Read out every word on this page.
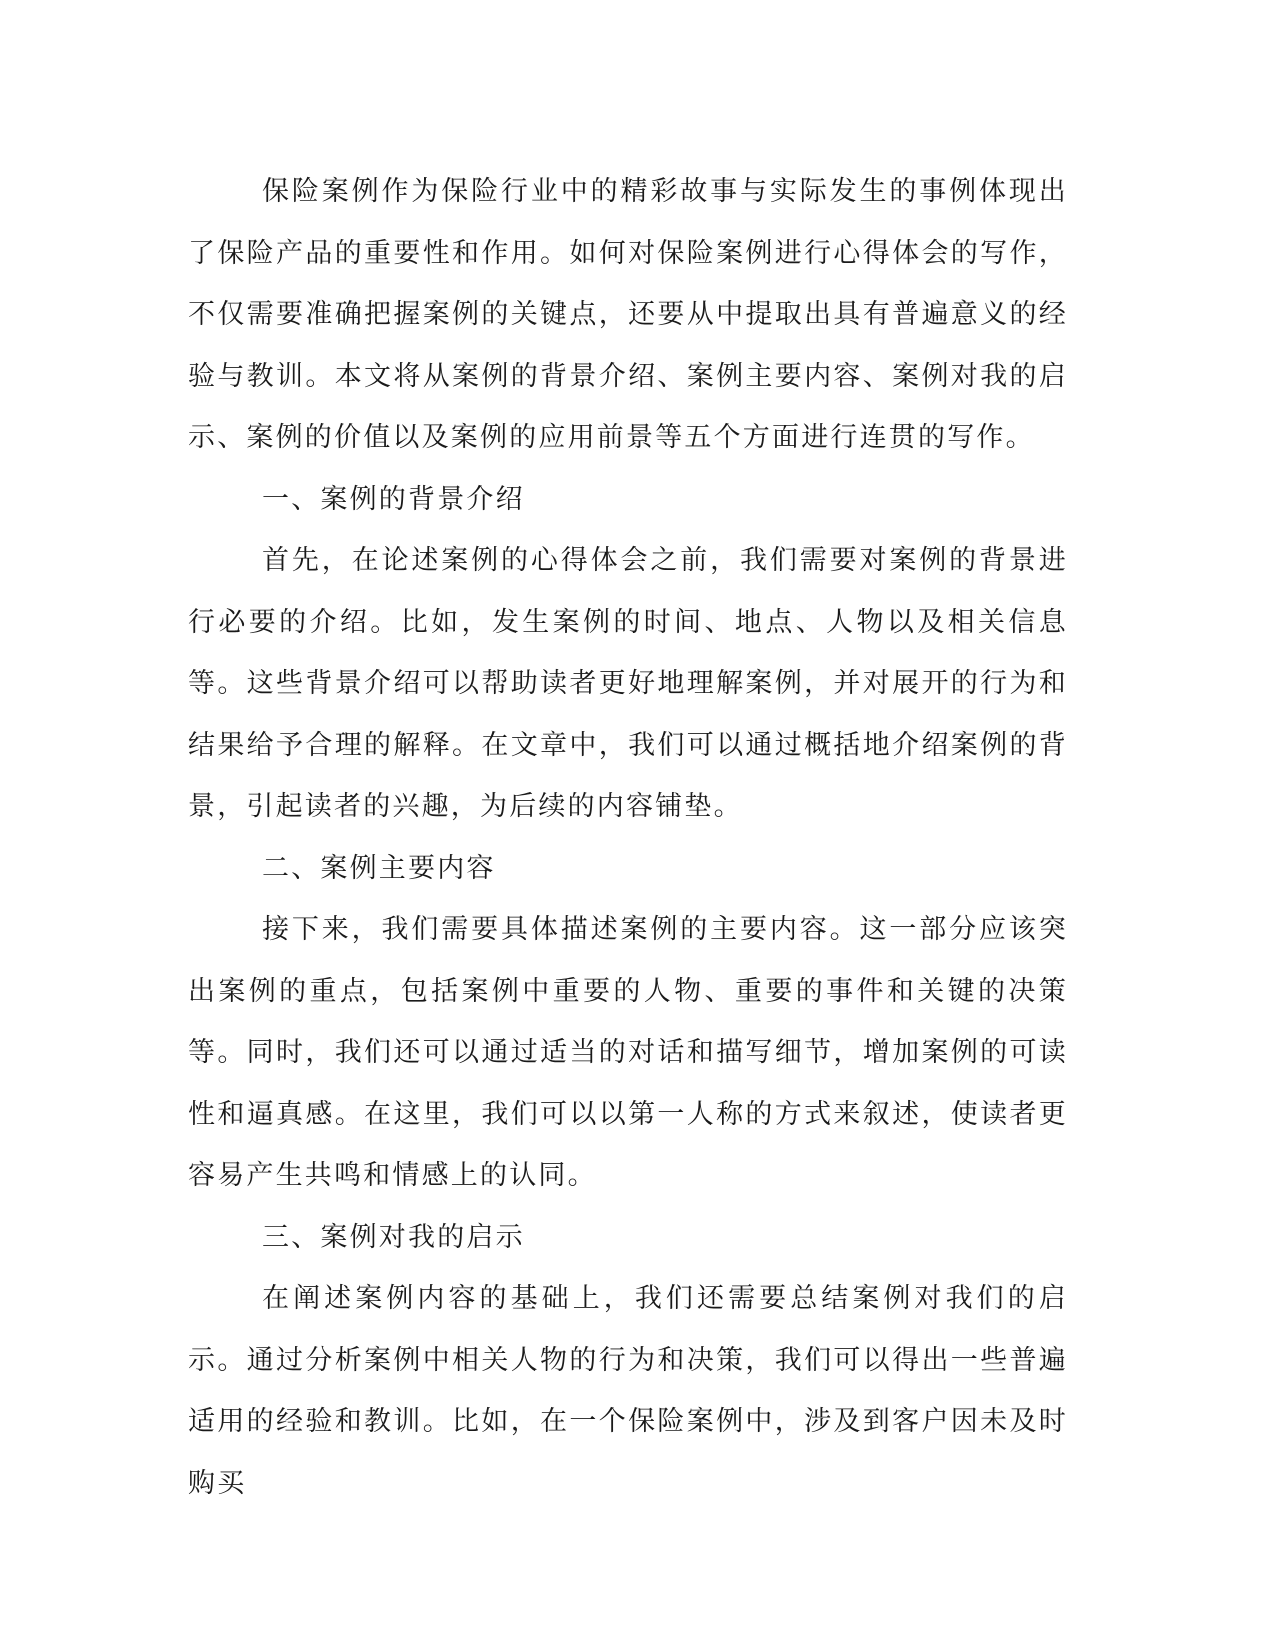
保险案例作为保险行业中的精彩故事与实际发生的事例体现出了保险产品的重要性和作用。如何对保险案例进行心得体会的写作，不仅需要准确把握案例的关键点，还要从中提取出具有普遍意义的经验与教训。本文将从案例的背景介绍、案例主要内容、案例对我的启示、案例的价值以及案例的应用前景等五个方面进行连贯的写作。

一、案例的背景介绍

首先，在论述案例的心得体会之前，我们需要对案例的背景进行必要的介绍。比如，发生案例的时间、地点、人物以及相关信息等。这些背景介绍可以帮助读者更好地理解案例，并对展开的行为和结果给予合理的解释。在文章中，我们可以通过概括地介绍案例的背景，引起读者的兴趣，为后续的内容铺垫。

二、案例主要内容

接下来，我们需要具体描述案例的主要内容。这一部分应该突出案例的重点，包括案例中重要的人物、重要的事件和关键的决策等。同时，我们还可以通过适当的对话和描写细节，增加案例的可读性和逼真感。在这里，我们可以以第一人称的方式来叙述，使读者更容易产生共鸣和情感上的认同。

三、案例对我的启示

在阐述案例内容的基础上，我们还需要总结案例对我们的启示。通过分析案例中相关人物的行为和决策，我们可以得出一些普遍适用的经验和教训。比如，在一个保险案例中，涉及到客户因未及时购买
